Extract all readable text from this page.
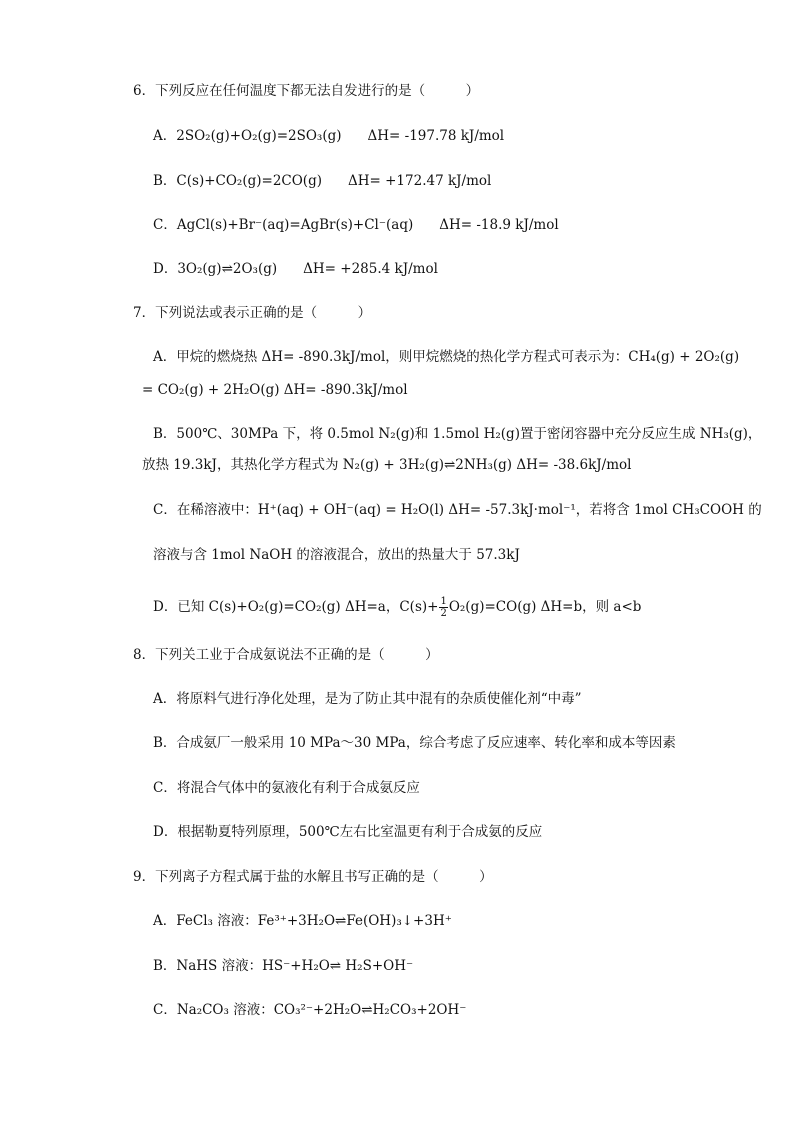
6．下列反应在任何温度下都无法自发进行的是（　　　）
A．2SO₂(g)+O₂(g)=2SO₃(g) ΔH= -197.78 kJ/mol
B．C(s)+CO₂(g)=2CO(g) ΔH= +172.47 kJ/mol
C．AgCl(s)+Br⁻(aq)=AgBr(s)+Cl⁻(aq) ΔH= -18.9 kJ/mol
D．3O₂(g)⇌2O₃(g) ΔH= +285.4 kJ/mol
7．下列说法或表示正确的是（　　　）
A．甲烷的燃烧热 ΔH= -890.3kJ/mol，则甲烷燃烧的热化学方程式可表示为：CH₄(g) + 2O₂(g)
= CO₂(g) + 2H₂O(g) ΔH= -890.3kJ/mol
B．500℃、30MPa 下，将 0.5mol N₂(g)和 1.5mol H₂(g)置于密闭容器中充分反应生成 NH₃(g)，
放热 19.3kJ，其热化学方程式为 N₂(g) + 3H₂(g)⇌2NH₃(g) ΔH= -38.6kJ/mol
C．在稀溶液中：H⁺(aq) + OH⁻(aq) = H₂O(l) ΔH= -57.3kJ·mol⁻¹，若将含 1mol CH₃COOH 的
溶液与含 1mol NaOH 的溶液混合，放出的热量大于 57.3kJ
D．已知 C(s)+O₂(g)=CO₂(g) ΔH=a，$C(s)+ \frac{1}{2} O_2(g)=CO(g)$ ΔH=b，则 a<b
8．下列关工业于合成氨说法不正确的是（　　　）
A．将原料气进行净化处理，是为了防止其中混有的杂质使催化剂“中毒”
B．合成氨厂一般采用 10 MPa～30 MPa，综合考虑了反应速率、转化率和成本等因素
C．将混合气体中的氨液化有利于合成氨反应
D．根据勒夏特列原理，500℃左右比室温更有利于合成氨的反应
9．下列离子方程式属于盐的水解且书写正确的是（　　　）
A．FeCl₃ 溶液：Fe³⁺+3H₂O⇌Fe(OH)₃↓+3H⁺
B．NaHS 溶液：HS⁻+H₂O⇌ H₂S+OH⁻
C．Na₂CO₃ 溶液：CO₃²⁻+2H₂O⇌H₂CO₃+2OH⁻
